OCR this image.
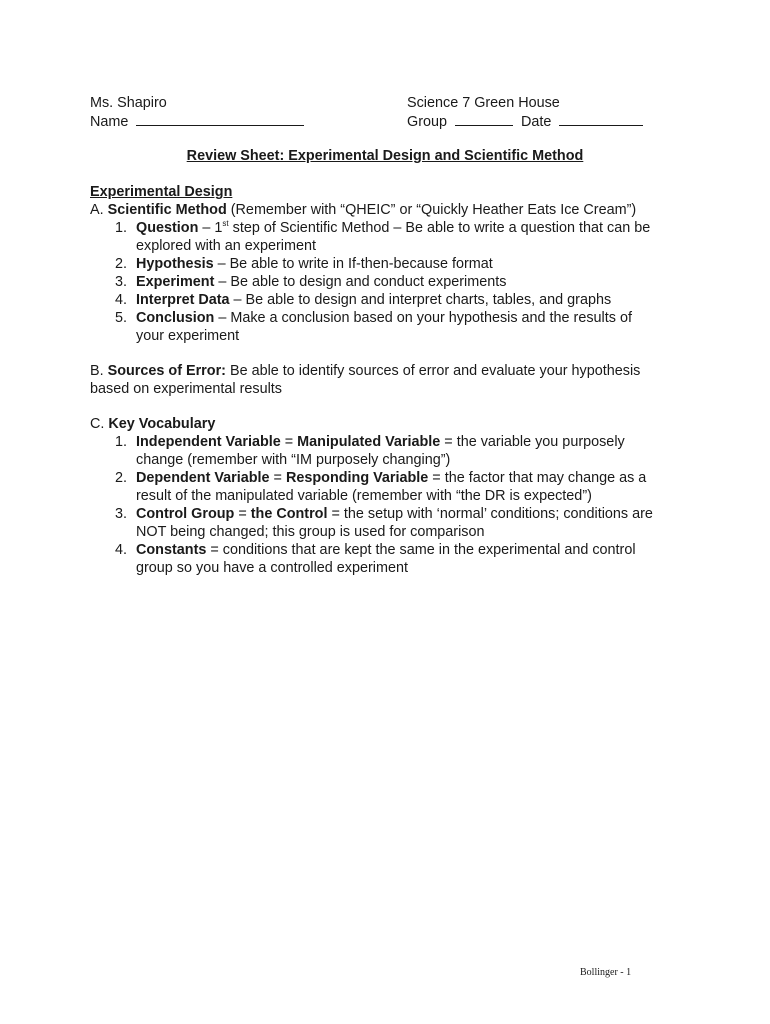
Ms. Shapiro	Science 7 Green House
Name	Group	Date
Review Sheet: Experimental Design and Scientific Method
Experimental Design
A. Scientific Method (Remember with “QHEIC” or “Quickly Heather Eats Ice Cream”)
1. Question – 1st step of Scientific Method – Be able to write a question that can be
explored with an experiment
2. Hypothesis – Be able to write in If-then-because format
3. Experiment – Be able to design and conduct experiments
4. Interpret Data – Be able to design and interpret charts, tables, and graphs
5. Conclusion – Make a conclusion based on your hypothesis and the results of
your experiment
B. Sources of Error: Be able to identify sources of error and evaluate your hypothesis
based on experimental results
C. Key Vocabulary
1. Independent Variable = Manipulated Variable = the variable you purposely
change (remember with “IM purposely changing”)
2. Dependent Variable = Responding Variable = the factor that may change as a
result of the manipulated variable (remember with “the DR is expected”)
3. Control Group = the Control = the setup with ‘normal’ conditions; conditions are
NOT being changed; this group is used for comparison
4. Constants = conditions that are kept the same in the experimental and control
group so you have a controlled experiment
Bollinger - 1
